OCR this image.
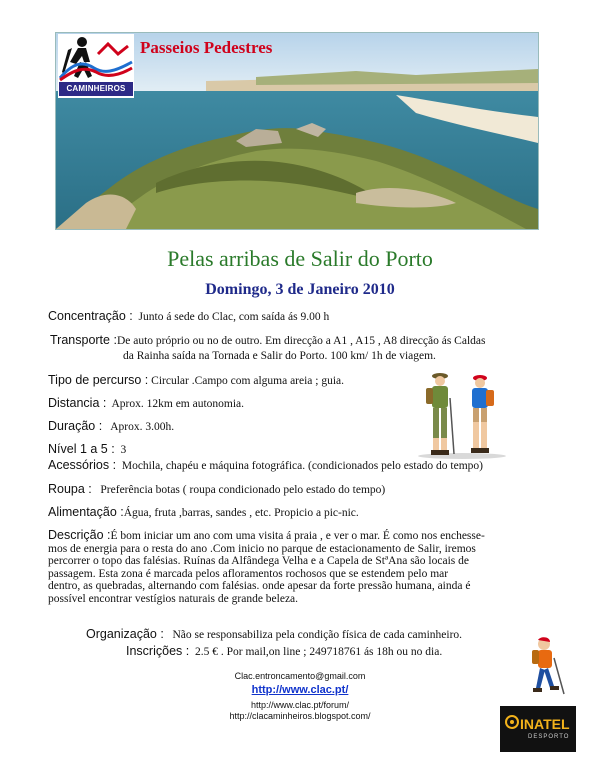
CAMINHEIROS
Passeios Pedestres
Pelas arribas de Salir do Porto
Domingo, 3 de Janeiro 2010
Concentração : Junto á sede do Clac, com saída ás 9.00 h
Transporte :De auto próprio ou no de outro. Em direcção a A1 , A15 , A8 direcção ás Caldas
da Rainha saída na Tornada e Salir do Porto. 100 km/ 1h de viagem.
Tipo de percurso : Circular .Campo com alguma areia ; guia.
Distancia : Aprox. 12km em autonomia.
Duração : Aprox. 3.00h.
Nível 1 a 5 : 3
Acessórios : Mochila, chapéu e máquina fotográfica. (condicionados pelo estado do tempo)
Roupa : Preferência botas ( roupa condicionado pelo estado do tempo)
Alimentação :Água, fruta ,barras, sandes , etc. Propicio a pic-nic.
Descrição :É bom iniciar um ano com uma visita á praia , e ver o mar. É como nos enchesse-
mos de energia para o resta do ano .Com inicio no parque de estacionamento de Salir, iremos
percorrer o topo das falésias. Ruínas da Alfândega Velha e a Capela de StªAna são locais de
passagem. Esta zona é marcada pelos afloramentos rochosos que se estendem pelo mar
dentro, as quebradas, alternando com falésias. onde apesar da forte pressão humana, ainda é
possível encontrar vestígios naturais de grande beleza.
Organização : Não se responsabiliza pela condição física de cada caminheiro.
Inscrições : 2.5 € . Por mail,on line ; 249718761 ás 18h ou no dia.
Clac.entroncamento@gmail.com
http://www.clac.pt/
http://www.clac.pt/forum/
http://clacaminheiros.blogspot.com/	INATEL
DESPORTO
